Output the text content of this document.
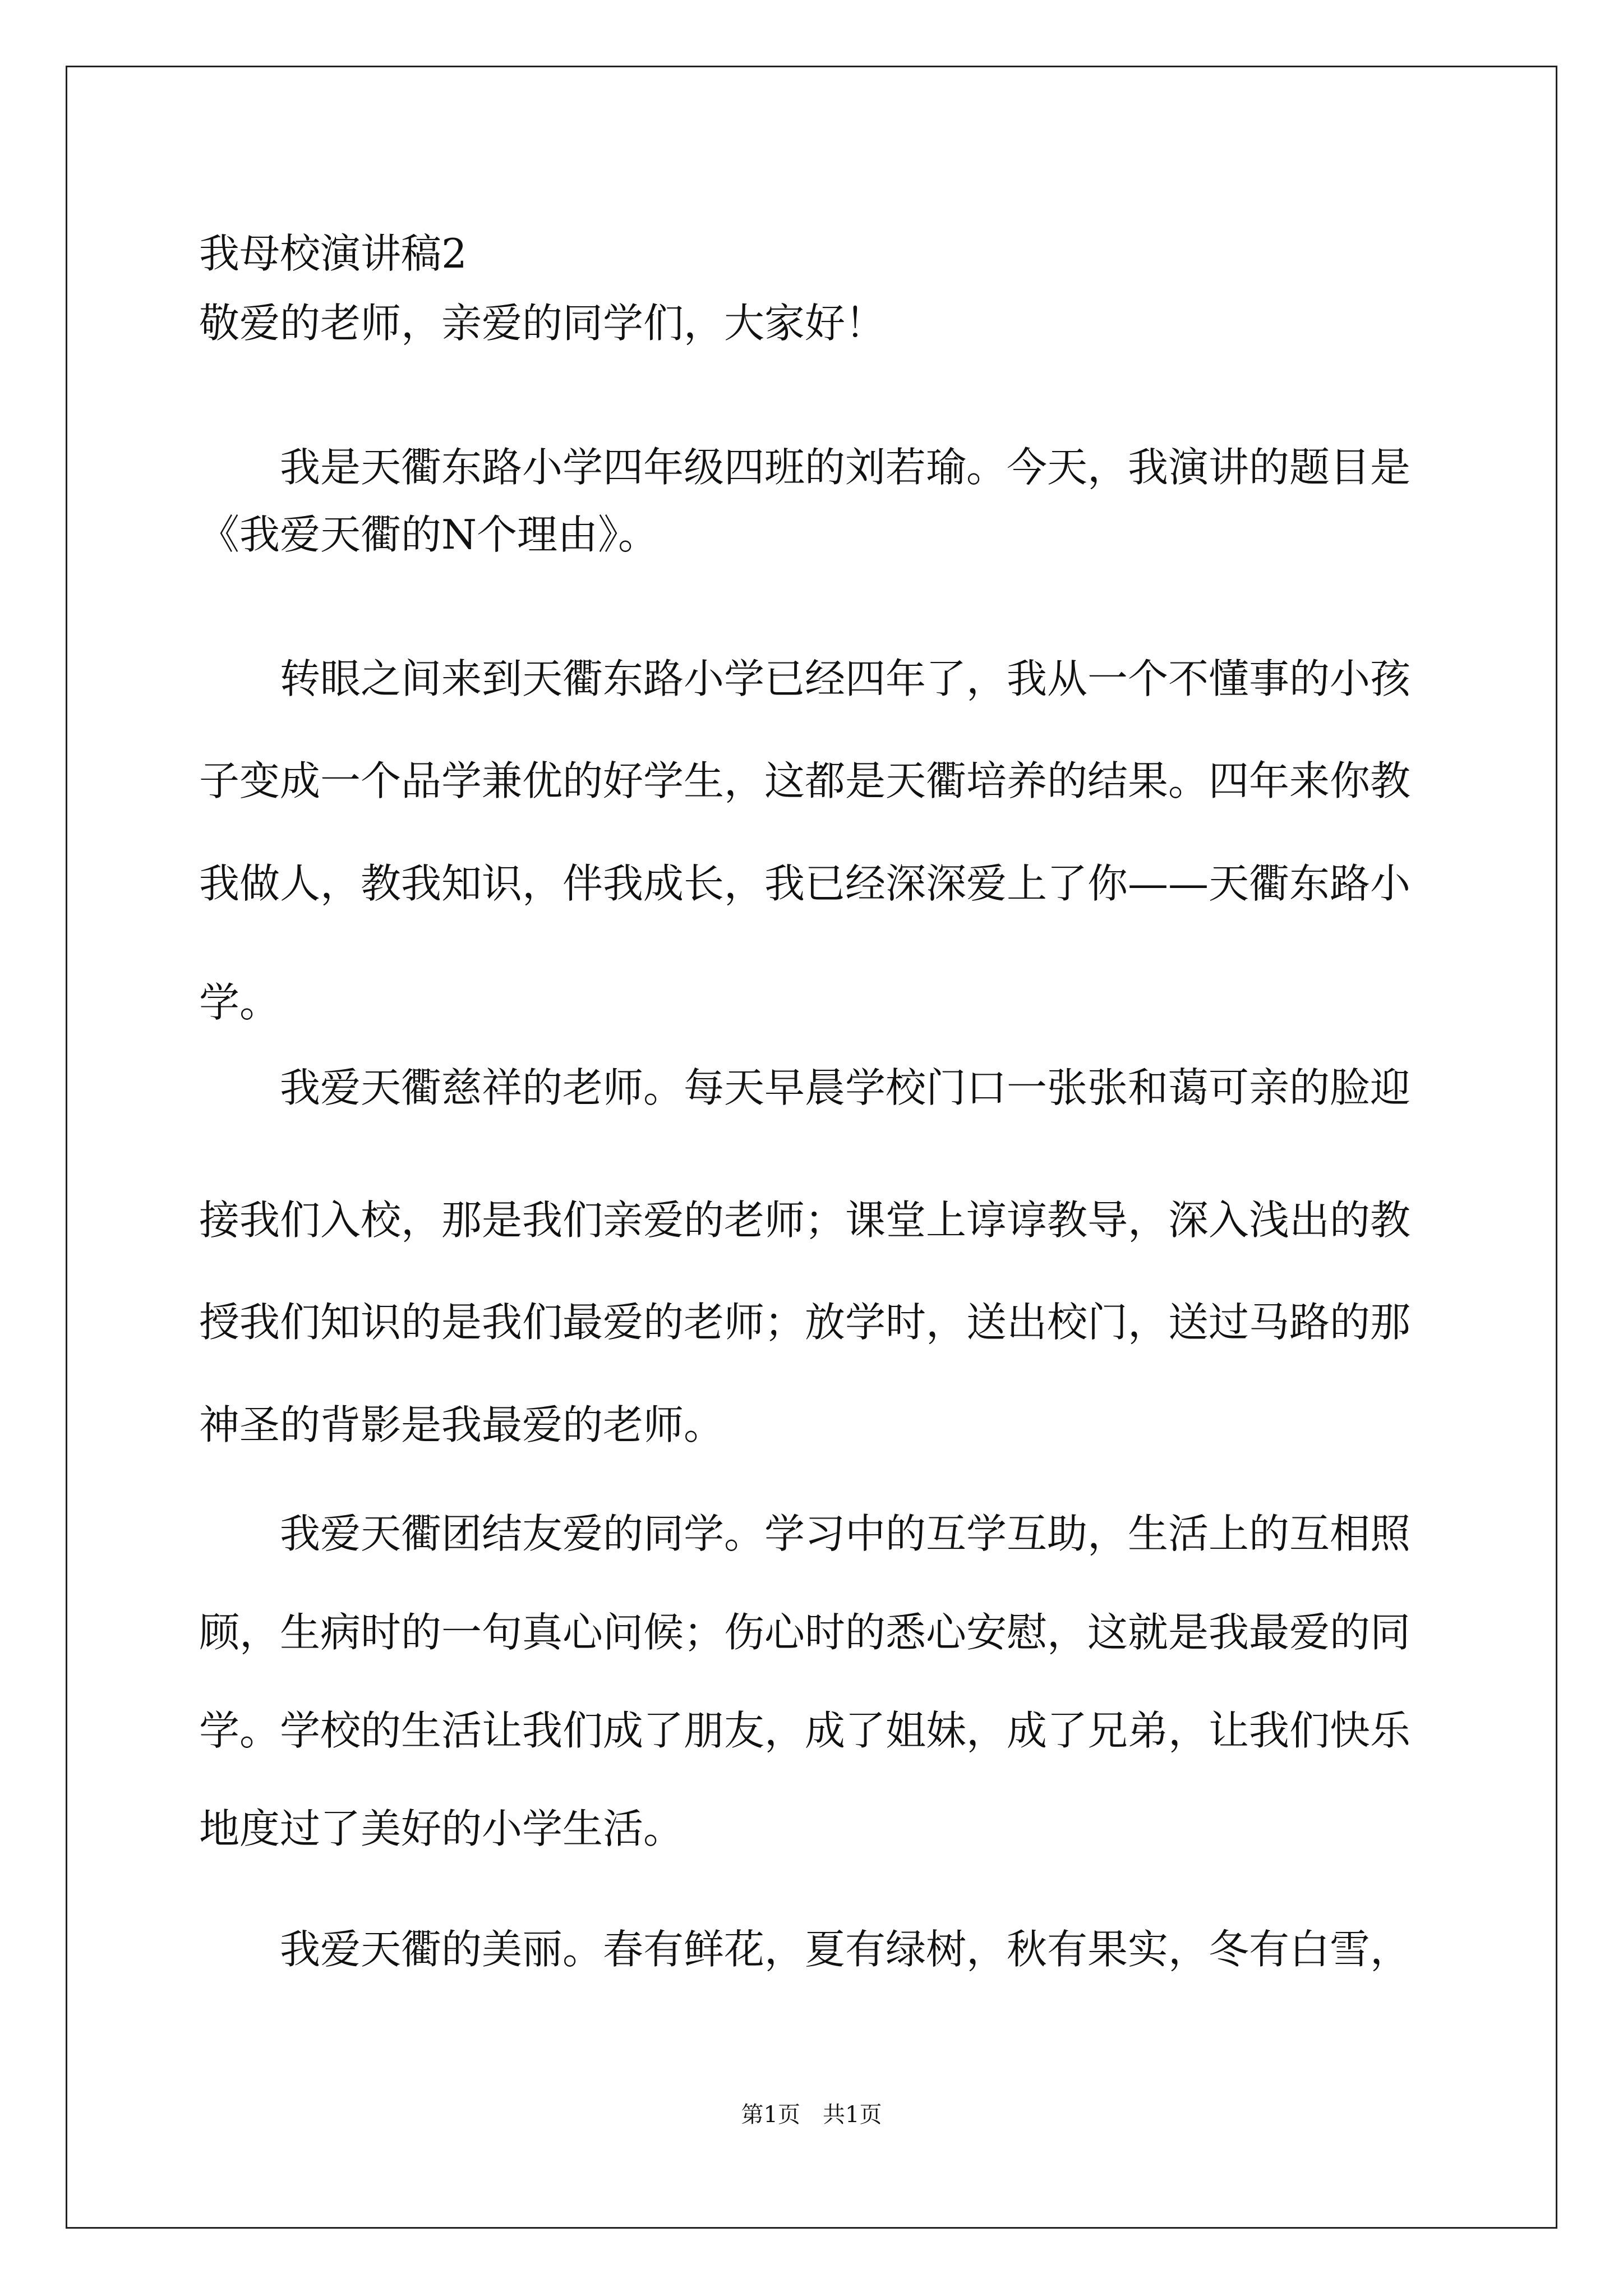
我母校演讲稿2
敬爱的老师，亲爱的同学们，大家好！
我是天衢东路小学四年级四班的刘若瑜。今天，我演讲的题目是
《我爱天衢的N个理由》。
转眼之间来到天衢东路小学已经四年了，我从一个不懂事的小孩
子变成一个品学兼优的好学生，这都是天衢培养的结果。四年来你教
我做人，教我知识，伴我成长，我已经深深爱上了你——天衢东路小
学。
我爱天衢慈祥的老师。每天早晨学校门口一张张和蔼可亲的脸迎
接我们入校，那是我们亲爱的老师；课堂上谆谆教导，深入浅出的教
授我们知识的是我们最爱的老师；放学时，送出校门，送过马路的那
神圣的背影是我最爱的老师。
我爱天衢团结友爱的同学。学习中的互学互助，生活上的互相照
顾，生病时的一句真心问候；伤心时的悉心安慰，这就是我最爱的同
学。学校的生活让我们成了朋友，成了姐妹，成了兄弟，让我们快乐
地度过了美好的小学生活。
我爱天衢的美丽。春有鲜花，夏有绿树，秋有果实，冬有白雪，
第1页　共1页
